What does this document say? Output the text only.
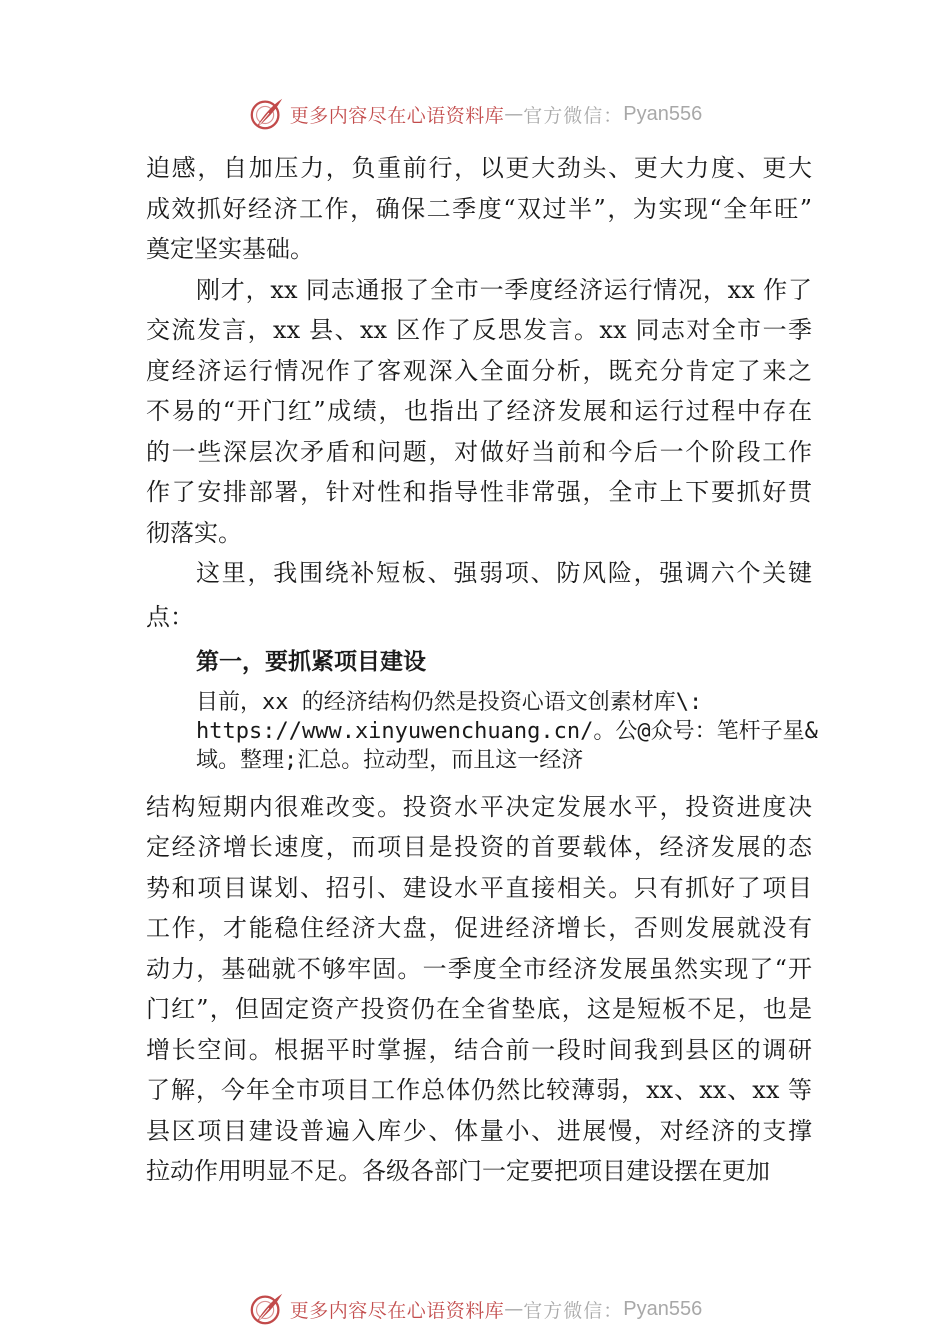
更多内容尽在心语资料库 — 官方微信： Pyan556
迫感，自加压力，负重前行，以更大劲头、更大力度、更大
成效抓好经济工作，确保二季度“双过半”，为实现“全年旺”
奠定坚实基础。
刚才，xx 同志通报了全市一季度经济运行情况，xx 作了
交流发言，xx 县、xx 区作了反思发言。xx 同志对全市一季
度经济运行情况作了客观深入全面分析，既充分肯定了来之
不易的“开门红”成绩，也指出了经济发展和运行过程中存在
的一些深层次矛盾和问题，对做好当前和今后一个阶段工作
作了安排部署，针对性和指导性非常强，全市上下要抓好贯
彻落实。
这里，我围绕补短板、强弱项、防风险，强调六个关键
点：
第一，要抓紧项目建设
目前，xx 的经济结构仍然是投资心语文创素材库\:
https://www.xinyuwenchuang.cn/。公@众号：笔杆子星&
域。整理;汇总。拉动型，而且这一经济
结构短期内很难改变。投资水平决定发展水平，投资进度决
定经济增长速度，而项目是投资的首要载体，经济发展的态
势和项目谋划、招引、建设水平直接相关。只有抓好了项目
工作，才能稳住经济大盘，促进经济增长，否则发展就没有
动力，基础就不够牢固。一季度全市经济发展虽然实现了“开
门红”，但固定资产投资仍在全省垫底，这是短板不足，也是
增长空间。根据平时掌握，结合前一段时间我到县区的调研
了解，今年全市项目工作总体仍然比较薄弱，xx、xx、xx 等
县区项目建设普遍入库少、体量小、进展慢，对经济的支撑
拉动作用明显不足。各级各部门一定要把项目建设摆在更加
更多内容尽在心语资料库 — 官方微信： Pyan556
